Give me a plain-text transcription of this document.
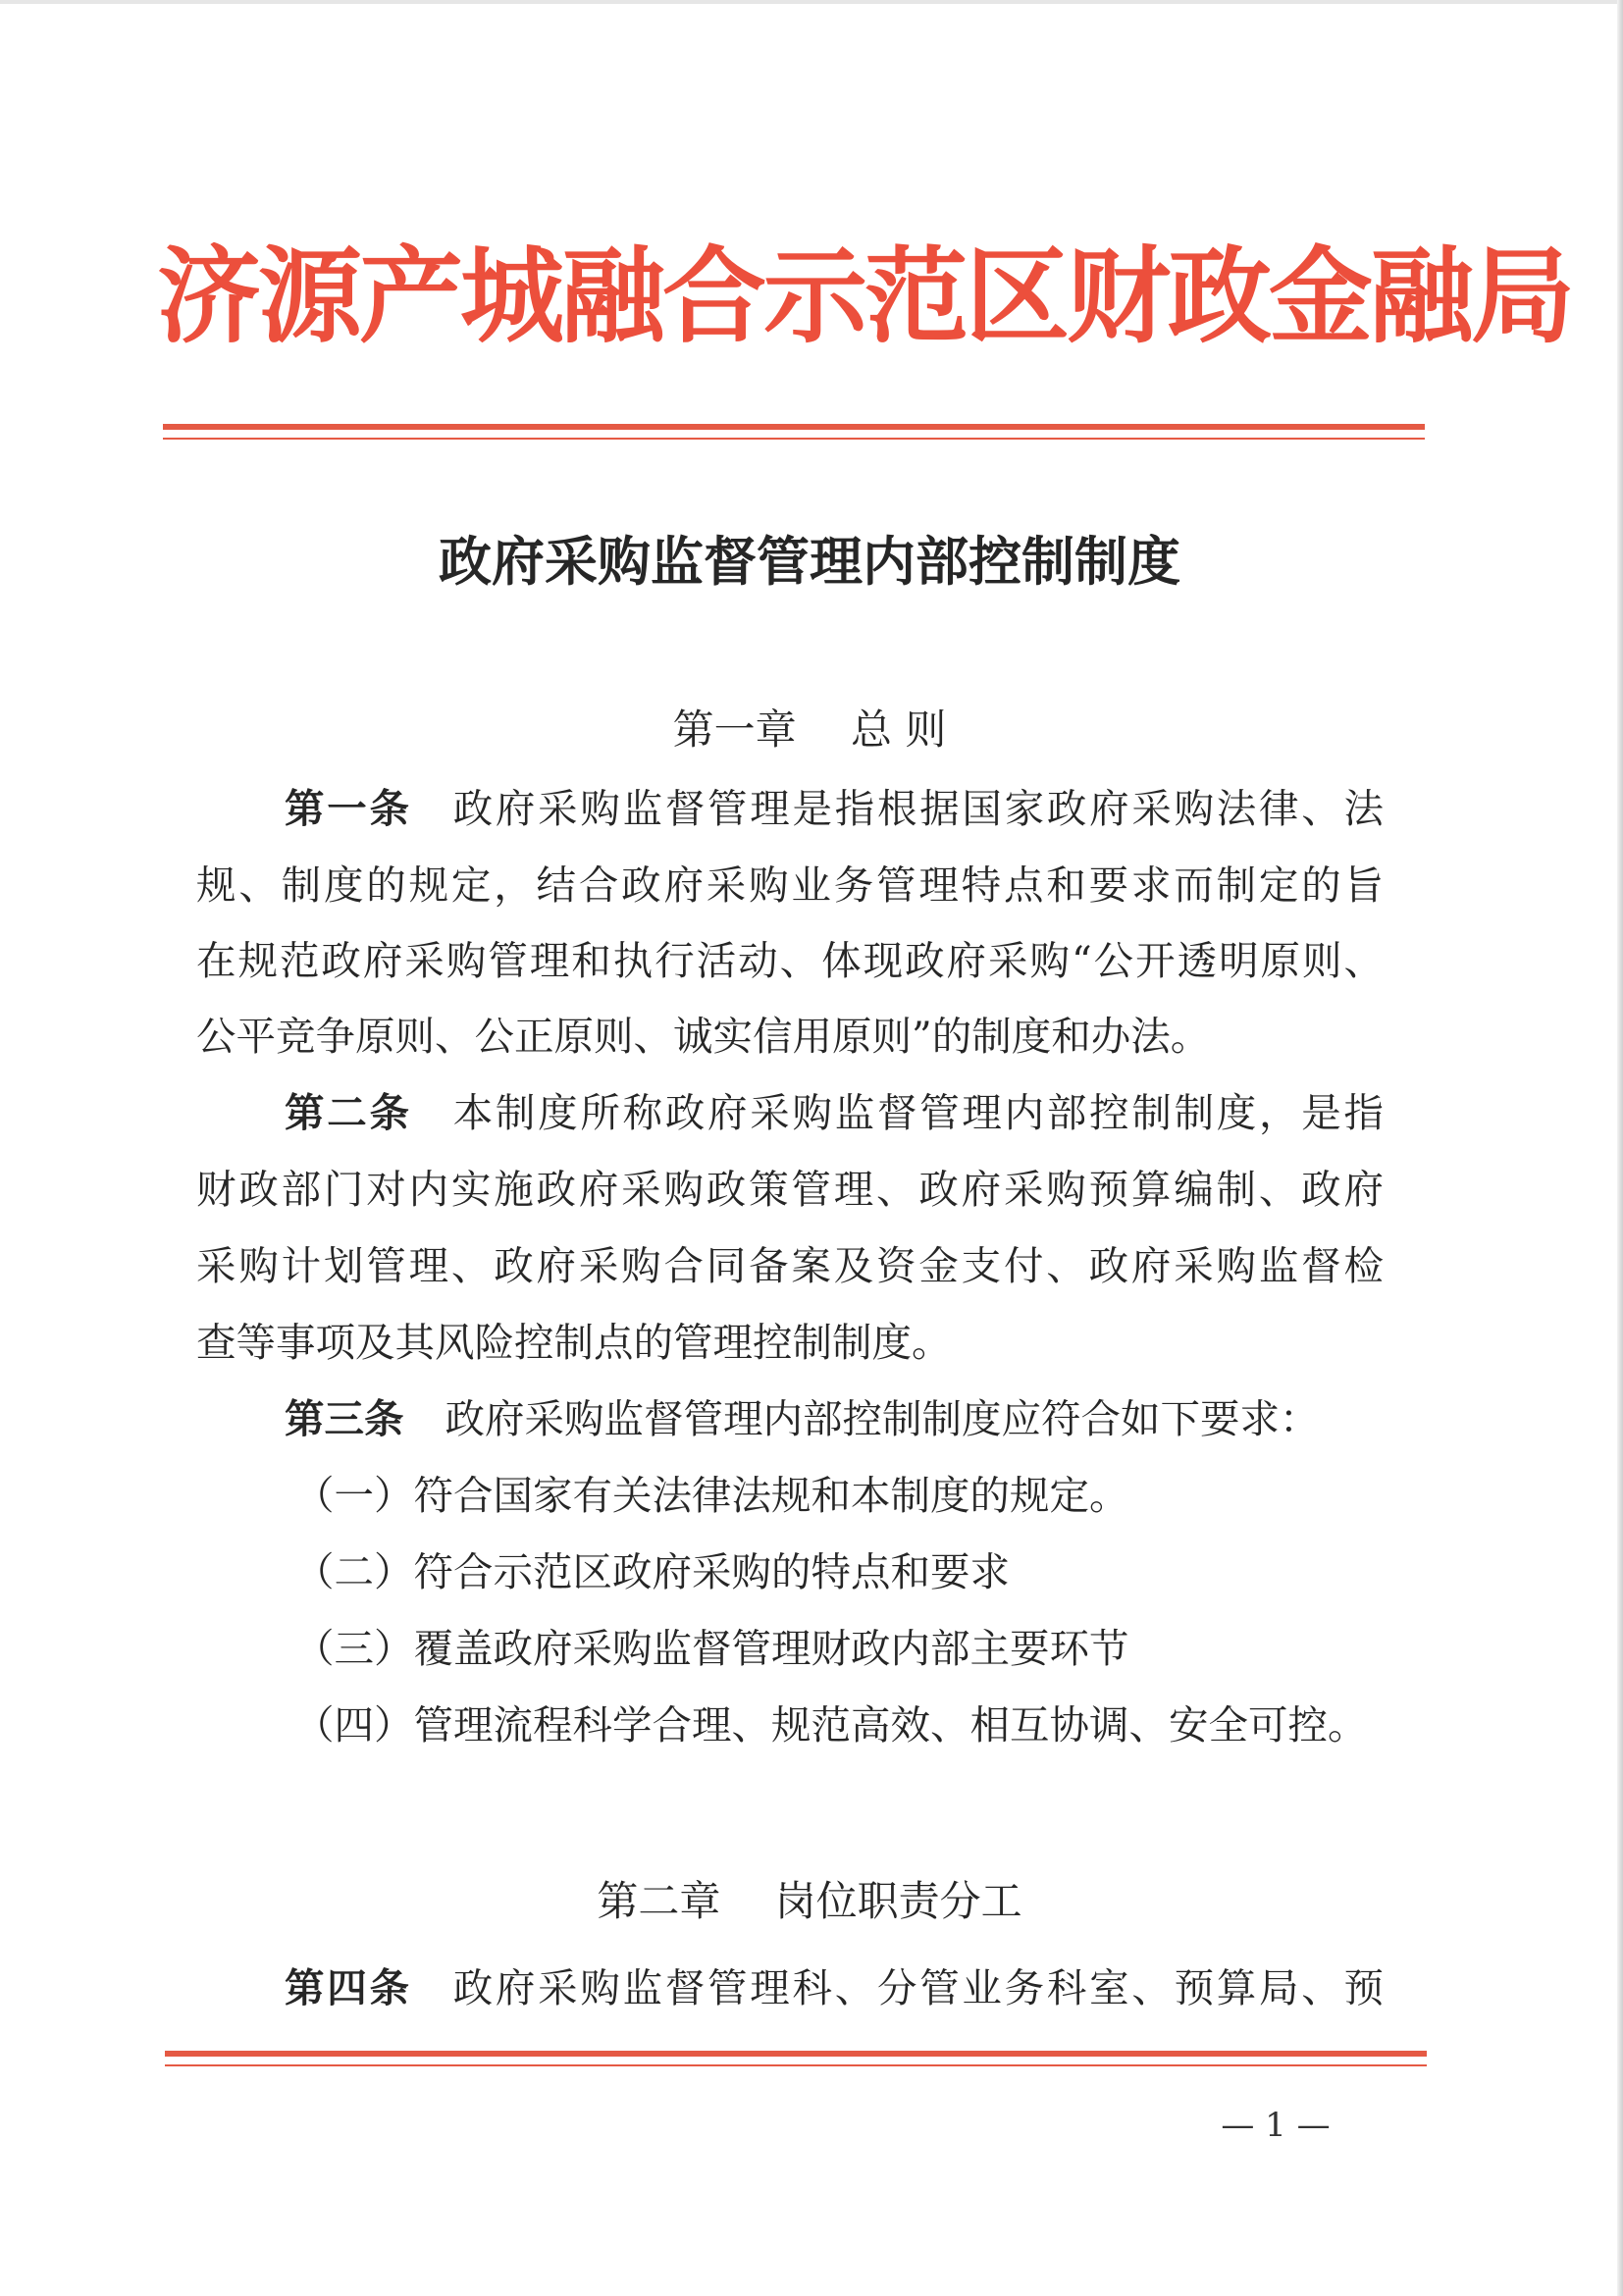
济源产城融合示范区财政金融局
政府采购监督管理内部控制制度
第一章　 总 则
第一条 政府采购监督管理是指根据国家政府采购法律、法
规、制度的规定，结合政府采购业务管理特点和要求而制定的旨
在规范政府采购管理和执行活动、体现政府采购“公开透明原则、
公平竞争原则、公正原则、诚实信用原则”的制度和办法。
第二条 本制度所称政府采购监督管理内部控制制度，是指
财政部门对内实施政府采购政策管理、政府采购预算编制、政府
采购计划管理、政府采购合同备案及资金支付、政府采购监督检
查等事项及其风险控制点的管理控制制度。
第三条 政府采购监督管理内部控制制度应符合如下要求：
（一）符合国家有关法律法规和本制度的规定。
（二）符合示范区政府采购的特点和要求
（三）覆盖政府采购监督管理财政内部主要环节
（四）管理流程科学合理、规范高效、相互协调、安全可控。
第二章　 岗位职责分工
第四条 政府采购监督管理科、分管业务科室、预算局、预
— 1 —
